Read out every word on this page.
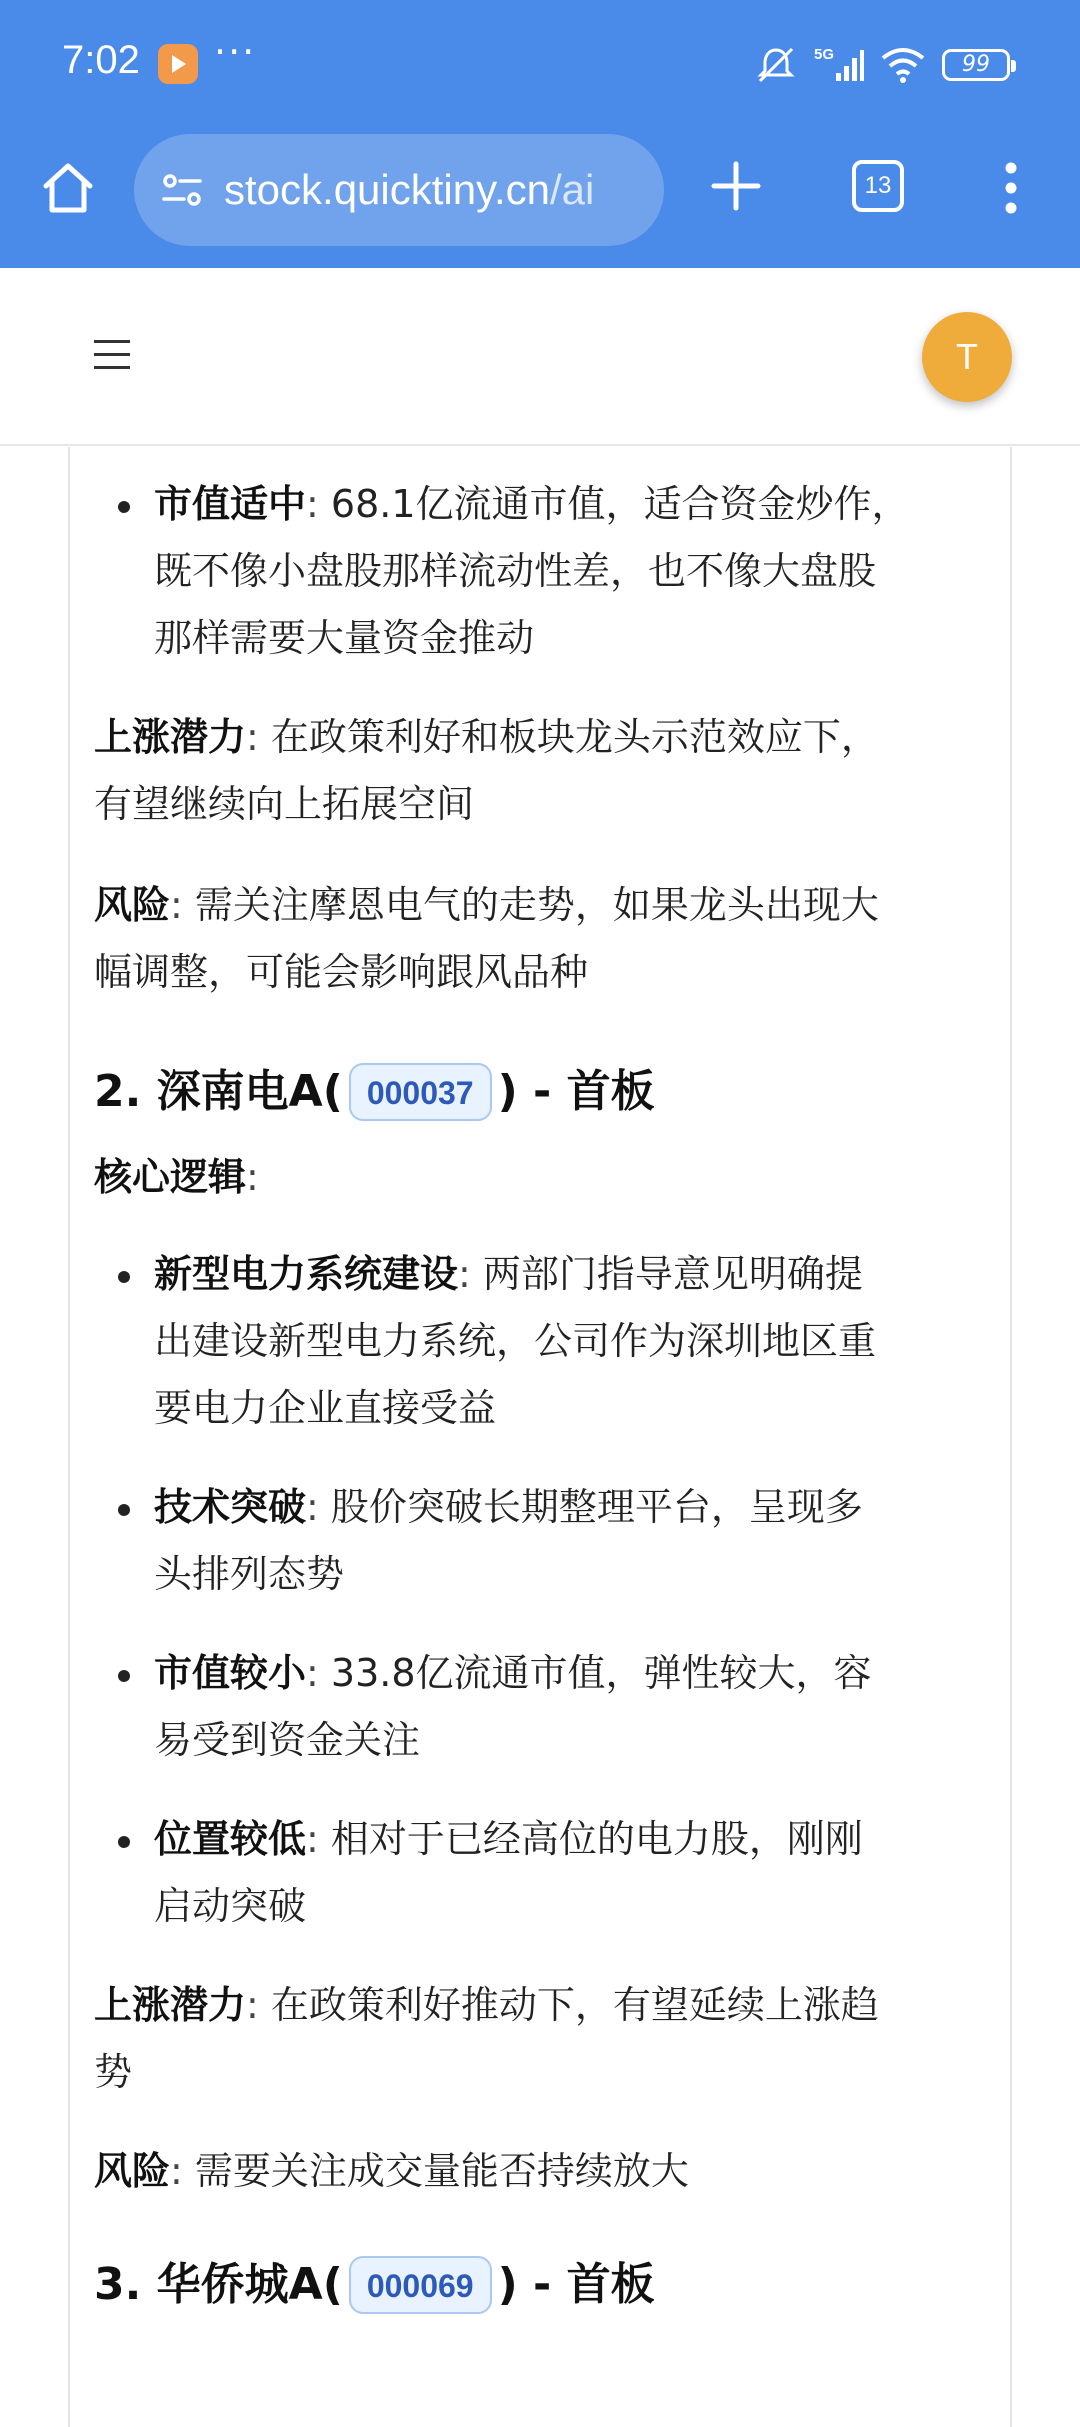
7:02 ···	5G	99
stock.quicktiny.cn/ai	13
T
市值适中: 68.1亿流通市值，适合资金炒作，
既不像小盘股那样流动性差，也不像大盘股
那样需要大量资金推动

上涨潜力: 在政策利好和板块龙头示范效应下，
有望继续向上拓展空间

风险: 需关注摩恩电气的走势，如果龙头出现大
幅调整，可能会影响跟风品种

2. 深南电A( 000037 ) - 首板

核心逻辑:

新型电力系统建设: 两部门指导意见明确提
出建设新型电力系统，公司作为深圳地区重
要电力企业直接受益
技术突破: 股价突破长期整理平台，呈现多
头排列态势
市值较小: 33.8亿流通市值，弹性较大，容
易受到资金关注
位置较低: 相对于已经高位的电力股，刚刚
启动突破

上涨潜力: 在政策利好推动下，有望延续上涨趋
势

风险: 需要关注成交量能否持续放大

3. 华侨城A( 000069 ) - 首板
